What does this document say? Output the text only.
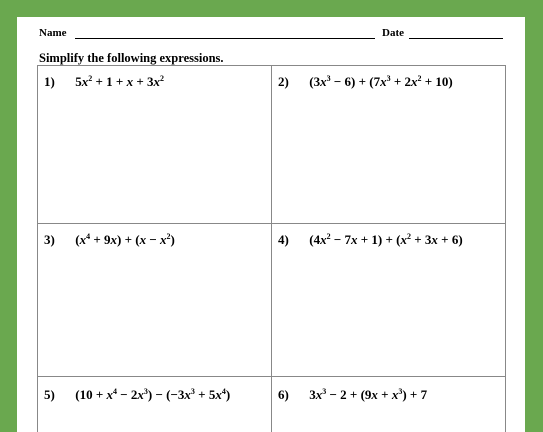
Name	Date
Simplify the following expressions.
1) $5x^2 + 1 + x + 3x^2$	2) $(3x^3 - 6) + (7x^3 + 2x^2 + 10)$
3) $(x^4 + 9x) + (x - x^2)$	4) $(4x^2 - 7x + 1) + (x^2 + 3x + 6)$
5) $(10 + x^4 - 2x^3) - (-3x^3 + 5x^4)$	6) $3x^3 - 2 + (9x + x^3) + 7$
